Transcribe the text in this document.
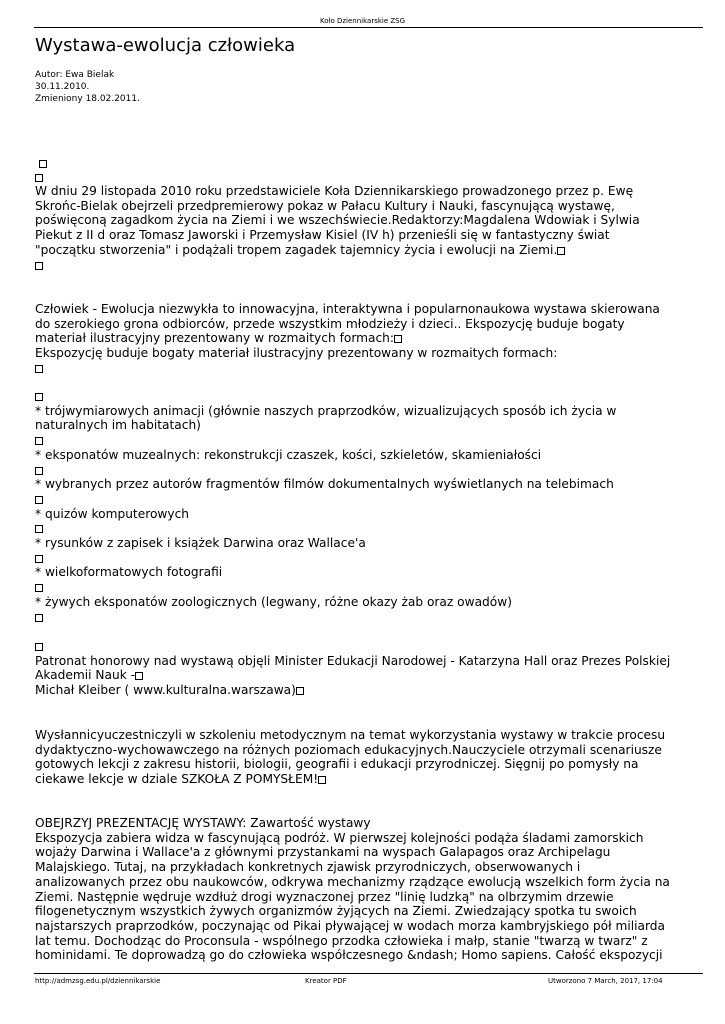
Koło Dziennikarskie ZSG
Wystawa-ewolucja człowieka
Autor: Ewa Bielak
30.11.2010.
Zmieniony 18.02.2011.

W dniu 29 listopada 2010 roku przedstawiciele Koła Dziennikarskiego prowadzonego przez p. Ewę
Skrońc-Bielak obejrzeli przedpremierowy pokaz w Pałacu Kultury i Nauki, fascynującą wystawę,
poświęconą zagadkom życia na Ziemi i we wszechświecie.Redaktorzy:Magdalena Wdowiak i Sylwia
Piekut z II d oraz Tomasz Jaworski i Przemysław Kisiel (IV h) przenieśli się w fantastyczny świat
"początku stworzenia" i podążali tropem zagadek tajemnicy życia i ewolucji na Ziemi.
Człowiek - Ewolucja niezwykła to innowacyjna, interaktywna i popularnonaukowa wystawa skierowana
do szerokiego grona odbiorców, przede wszystkim młodzieży i dzieci.. Ekspozycję buduje bogaty
materiał ilustracyjny prezentowany w rozmaitych formach:
Ekspozycję buduje bogaty materiał ilustracyjny prezentowany w rozmaitych formach:
* trójwymiarowych animacji (głównie naszych praprzodków, wizualizujących sposób ich życia w
naturalnych im habitatach)
* eksponatów muzealnych: rekonstrukcji czaszek, kości, szkieletów, skamieniałości
* wybranych przez autorów fragmentów filmów dokumentalnych wyświetlanych na telebimach
* quizów komputerowych
* rysunków z zapisek i książek Darwina oraz Wallace'a
* wielkoformatowych fotografii
* żywych eksponatów zoologicznych (legwany, różne okazy żab oraz owadów)
Patronat honorowy nad wystawą objęli Minister Edukacji Narodowej - Katarzyna Hall oraz Prezes Polskiej
Akademii Nauk -
Michał Kleiber ( www.kulturalna.warszawa)
Wysłannicyuczestniczyli w szkoleniu metodycznym na temat wykorzystania wystawy w trakcie procesu
dydaktyczno-wychowawczego na różnych poziomach edukacyjnych.Nauczyciele otrzymali scenariusze
gotowych lekcji z zakresu historii, biologii, geografii i edukacji przyrodniczej. Sięgnij po pomysły na
ciekawe lekcje w dziale SZKOŁA Z POMYSŁEM!
OBEJRZYJ PREZENTACJĘ WYSTAWY: Zawartość wystawy
Ekspozycja zabiera widza w fascynującą podróż. W pierwszej kolejności podąża śladami zamorskich
wojaży Darwina i Wallace'a z głównymi przystankami na wyspach Galapagos oraz Archipelagu
Malajskiego. Tutaj, na przykładach konkretnych zjawisk przyrodniczych, obserwowanych i
analizowanych przez obu naukowców, odkrywa mechanizmy rządzące ewolucją wszelkich form życia na
Ziemi. Następnie wędruje wzdłuż drogi wyznaczonej przez "linię ludzką" na olbrzymim drzewie
filogenetycznym wszystkich żywych organizmów żyjących na Ziemi. Zwiedzający spotka tu swoich
najstarszych praprzodków, poczynając od Pikai pływającej w wodach morza kambryjskiego pół miliarda
lat temu. Dochodząc do Proconsula - wspólnego przodka człowieka i małp, stanie "twarzą w twarz" z
hominidami. Te doprowadzą go do człowieka współczesnego &ndash; Homo sapiens. Całość ekspozycji
http://admzsg.edu.pl/dziennikarskie	Kreator PDF	Utworzono 7 March, 2017, 17:04
